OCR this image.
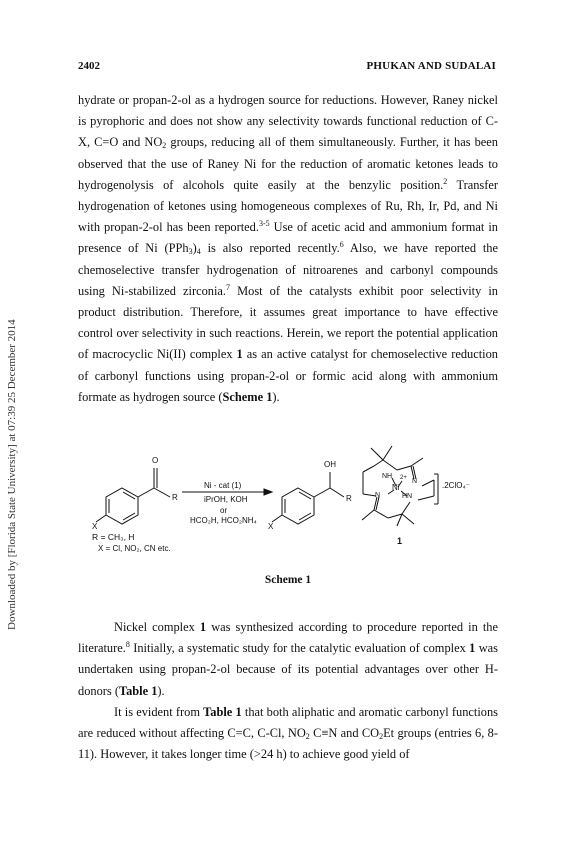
2402	PHUKAN AND SUDALAI
Downloaded by [Florida State University] at 07:39 25 December 2014

hydrate or propan-2-ol as a hydrogen source for reductions. However, Raney nickel is pyrophoric and does not show any selectivity towards functional reduction of C-X, C=O and $NO_2$ groups, reducing all of them simultaneously. Further, it has been observed that the use of Raney Ni for the reduction of aromatic ketones leads to hydrogenolysis of alcohols quite easily at the benzylic position.$^2$ Transfer hydrogenation of ketones using homogeneous complexes of Ru, Rh, Ir, Pd, and Ni with propan-2-ol has been reported.$^{3-5}$ Use of acetic acid and ammonium format in presence of Ni $(PPh_3)_4$ is also reported recently.$^6$ Also, we have reported the chemoselective transfer hydrogenation of nitroarenes and carbonyl compounds using Ni-stabilized zirconia.$^7$ Most of the catalysts exhibit poor selectivity in product distribution. Therefore, it assumes great importance to have effective control over selectivity in such reactions. Herein, we report the potential application of macrocyclic Ni(II) complex 1 as an active catalyst for chemoselective reduction of carbonyl functions using propan-2-ol or formic acid along with ammonium formate as hydrogen source (Scheme 1).

O
R
X
Ni - cat (1)
iPrOH, KOH
or
HCO₂H, HCO₂NH₄
OH
R
X
R = CH₃, H
X = Cl, NO₂, CN etc.
Ni
2+
NH
N
N	HN
.2ClO₄⁻
1
Scheme 1

Nickel complex 1 was synthesized according to procedure reported in the literature.$^8$ Initially, a systematic study for the catalytic evaluation of complex 1 was undertaken using propan-2-ol because of its potential advantages over other H-donors (Table 1).

It is evident from Table 1 that both aliphatic and aromatic carbonyl functions are reduced without affecting C=C, C-Cl, $NO_2$ C≡N and $CO_2Et$ groups (entries 6, 8-11). However, it takes longer time (>24 h) to achieve good yield of
